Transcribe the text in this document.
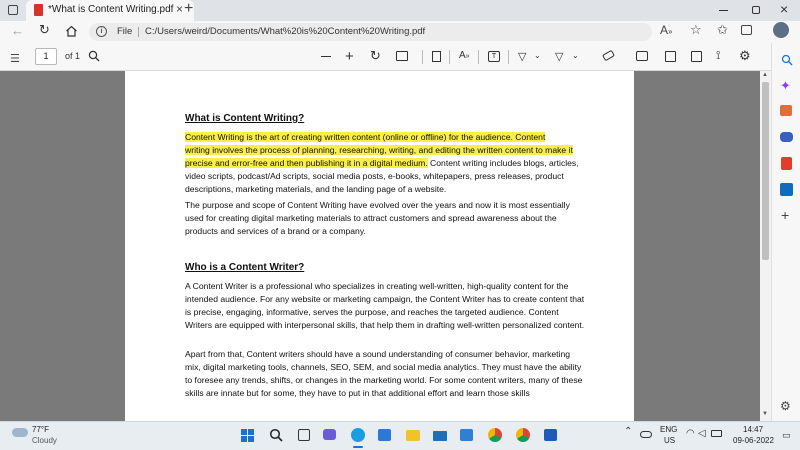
*What is Content Writing.pdf × +	×
← ↻	i	File C:/Users/weird/Documents/What%20is%20Content%20Writing.pdf	A» ☆ ✩
☰	1	of 1	+ ↻	A»	T	▽ ⌄ ▽ ⌄	⟟ ⚙
✦
+
⚙
What is Content Writing?
Content Writing is the art of creating written content (online or offline) for the audience. Content
writing involves the process of planning, researching, writing, and editing the written content to make it
precise and error-free and then publishing it in a digital medium. Content writing includes blogs, articles, video scripts, podcast/Ad scripts, social media posts, e-books, whitepapers, press releases, product descriptions, marketing materials, and the landing page of a website.
The purpose and scope of Content Writing have evolved over the years and now it is most essentially used for creating digital marketing materials to attract customers and spread awareness about the products and services of a brand or a company.
Who is a Content Writer?
A Content Writer is a professional who specializes in creating well-written, high-quality content for the intended audience. For any website or marketing campaign, the Content Writer has to create content that is precise, engaging, informative, serves the purpose, and reaches the targeted audience. Content Writers are equipped with interpersonal skills, that help them in drafting well-written personalized content.
Apart from that, Content writers should have a sound understanding of consumer behavior, marketing mix, digital marketing tools, channels, SEO, SEM, and social media analytics. They must have the ability to foresee any trends, shifts, or changes in the marketing world. For some content writers, many of these skills are innate but for some, they have to put in that additional effort and learn those skills
▲
▼
77°F
Cloudy
⌃	ENG
US
◠ ◁	14:47
09-06-2022
▭
